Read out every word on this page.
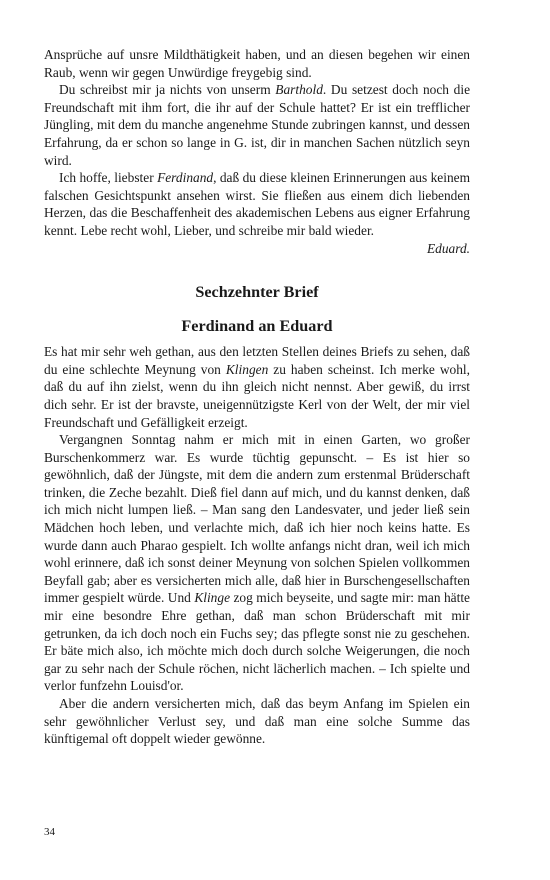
Ansprüche auf unsre Mildthätigkeit haben, und an diesen begehen wir einen Raub, wenn wir gegen Unwürdige freygebig sind.

Du schreibst mir ja nichts von unserm Barthold. Du setzest doch noch die Freundschaft mit ihm fort, die ihr auf der Schule hattet? Er ist ein trefflicher Jüngling, mit dem du manche angenehme Stunde zubringen kannst, und dessen Erfahrung, da er schon so lange in G. ist, dir in manchen Sachen nützlich seyn wird.

Ich hoffe, liebster Ferdinand, daß du diese kleinen Erinnerungen aus keinem falschen Gesichtspunkt ansehen wirst. Sie fließen aus einem dich liebenden Herzen, das die Beschaffenheit des akademischen Lebens aus eigner Erfahrung kennt. Lebe recht wohl, Lieber, und schreibe mir bald wieder.

Eduard.

Sechzehnter Brief
Ferdinand an Eduard

Es hat mir sehr weh gethan, aus den letzten Stellen deines Briefs zu sehen, daß du eine schlechte Meynung von Klingen zu haben scheinst. Ich merke wohl, daß du auf ihn zielst, wenn du ihn gleich nicht nennst. Aber gewiß, du irrst dich sehr. Er ist der bravste, uneigennützigste Kerl von der Welt, der mir viel Freundschaft und Gefälligkeit erzeigt.

Vergangnen Sonntag nahm er mich mit in einen Garten, wo großer Burschenkommerz war. Es wurde tüchtig gepunscht. – Es ist hier so gewöhnlich, daß der Jüngste, mit dem die andern zum erstenmal Brüderschaft trinken, die Zeche bezahlt. Dieß fiel dann auf mich, und du kannst denken, daß ich mich nicht lumpen ließ. – Man sang den Landesvater, und jeder ließ sein Mädchen hoch leben, und verlachte mich, daß ich hier noch keins hatte. Es wurde dann auch Pharao gespielt. Ich wollte anfangs nicht dran, weil ich mich wohl erinnere, daß ich sonst deiner Meynung von solchen Spielen vollkommen Beyfall gab; aber es versicherten mich alle, daß hier in Burschengesellschaften immer gespielt würde. Und Klinge zog mich beyseite, und sagte mir: man hätte mir eine besondre Ehre gethan, daß man schon Brüderschaft mit mir getrunken, da ich doch noch ein Fuchs sey; das pflegte sonst nie zu geschehen. Er bäte mich also, ich möchte mich doch durch solche Weigerungen, die noch gar zu sehr nach der Schule röchen, nicht lächerlich machen. – Ich spielte und verlor funfzehn Louisd'or.

Aber die andern versicherten mich, daß das beym Anfang im Spielen ein sehr gewöhnlicher Verlust sey, und daß man eine solche Summe das künftigemal oft doppelt wieder gewönne.

34
